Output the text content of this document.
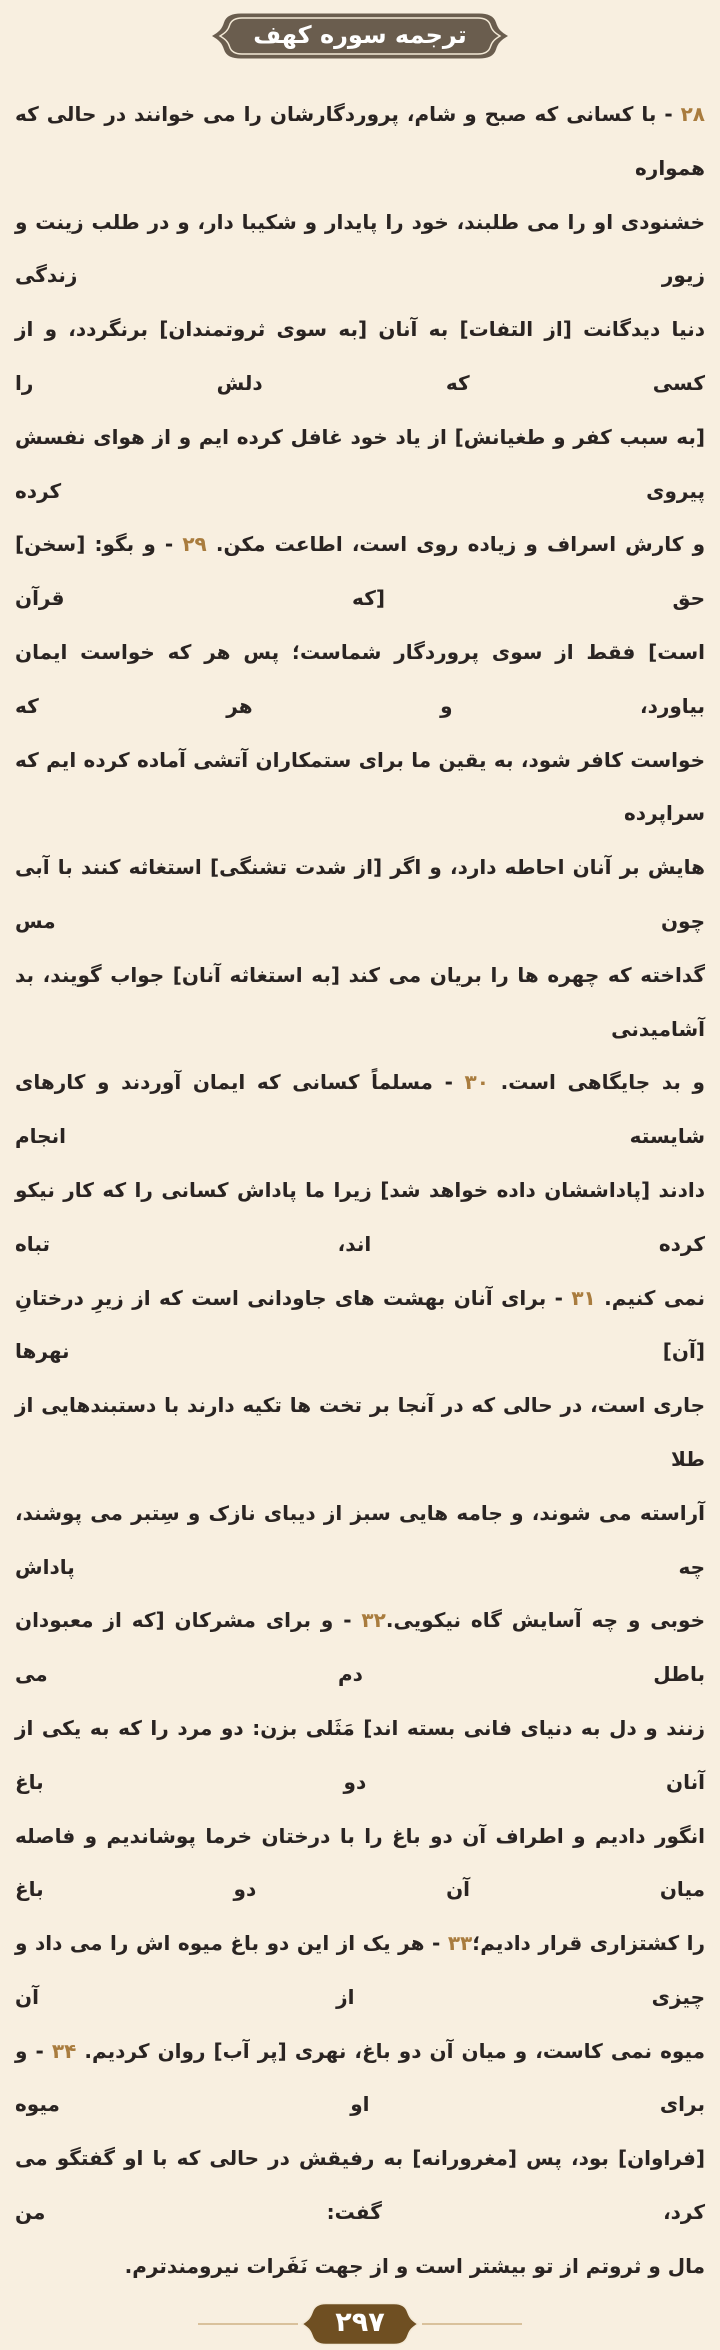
ترجمه سوره کهف
۲۸ - با کسانی که صبح و شام، پروردگارشان را می خوانند در حالی که همواره
خشنودی او را می طلبند، خود را پایدار و شکیبا دار، و در طلب زینت و زیور زندگی
دنیا دیدگانت [از التفات] به آنان [به سوی ثروتمندان] برنگردد، و از کسی که دلش را
[به سبب کفر و طغیانش] از یاد خود غافل کرده ایم و از هوای نفسش پیروی کرده
و کارش اسراف و زیاده روی است، اطاعت مکن. ۲۹ - و بگو: [سخن] حق [که قرآن
است] فقط از سوی پروردگار شماست؛ پس هر که خواست ایمان بیاورد، و هر که
خواست کافر شود، به یقین ما برای ستمکاران آتشی آماده کرده ایم که سراپرده
هایش بر آنان احاطه دارد، و اگر [از شدت تشنگی] استغاثه کنند با آبی چون مس
گداخته که چهره ها را بریان می کند [به استغاثه آنان] جواب گویند، بد آشامیدنی
و بد جایگاهی است. ۳۰ - مسلماً کسانی که ایمان آوردند و کارهای شایسته انجام
دادند [پاداششان داده خواهد شد] زیرا ما پاداش کسانی را که کار نیکو کرده اند، تباه
نمی کنیم. ۳۱ - برای آنان بهشت های جاودانی است که از زیرِ درختانِ [آن] نهرها
جاری است، در حالی که در آنجا بر تخت ها تکیه دارند با دستبندهایی از طلا
آراسته می شوند، و جامه هایی سبز از دیبای نازک و سِتبر می پوشند، چه پاداش
خوبی و چه آسایش گاه نیکویی.۳۲ - و برای مشرکان [که از معبودان باطل دم می
زنند و دل به دنیای فانی بسته اند] مَثَلی بزن: دو مرد را که به یکی از آنان دو باغ
انگور دادیم و اطراف آن دو باغ را با درختان خرما پوشاندیم و فاصله میان آن دو باغ
را کشتزاری قرار دادیم؛۳۳ - هر یک از این دو باغ میوه اش را می داد و چیزی از آن
میوه نمی کاست، و میان آن دو باغ، نهری [پر آب] روان کردیم. ۳۴ - و برای او میوه
[فراوان] بود، پس [مغرورانه] به رفیقش در حالی که با او گفتگو می کرد، گفت: من
مال و ثروتم از تو بیشتر است و از جهت نَفَرات نیرومندترم.
۲۹۷
